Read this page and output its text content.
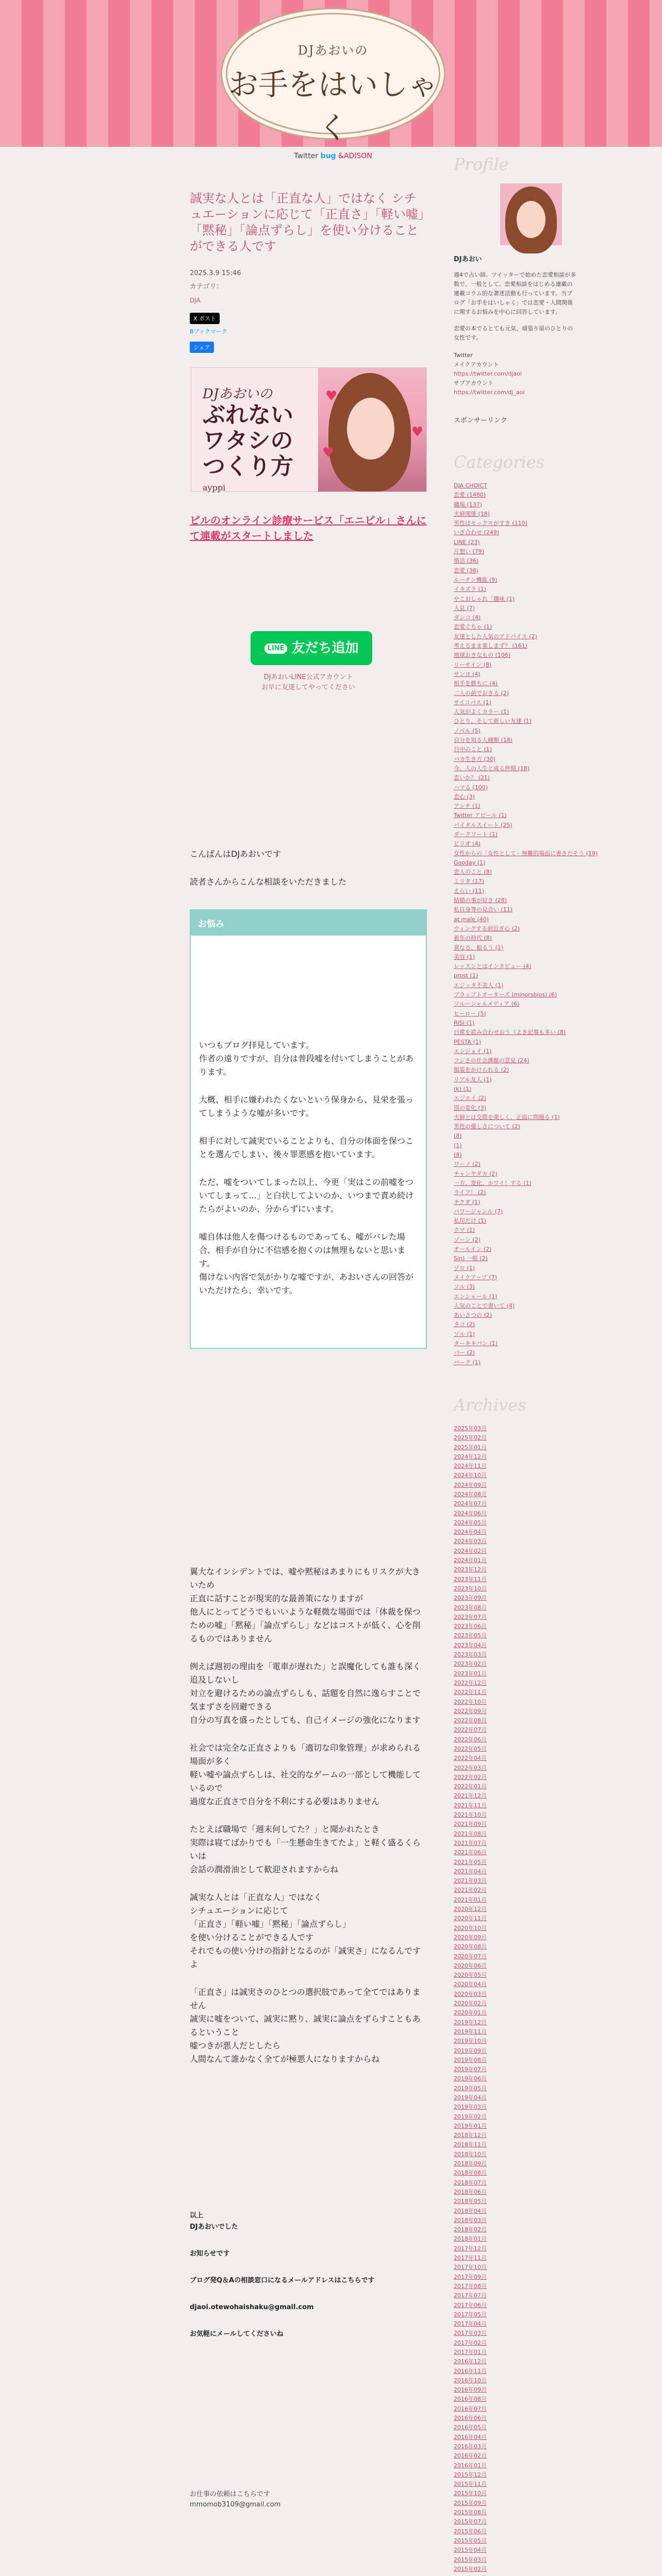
DJあおいの
お手をはいしゃく
Twitter bug &ADISON
誠実な人とは「正直な人」ではなく シチュエーションに応じて「正直さ」「軽い嘘」「黙秘」「論点ずらし」を使い分けることができる人です
2025.3.9 15:46
カテゴリ：
DJA
X ポスト
Bブックマーク
シェア
DJあおいの
ぶれない
ワタシの
つくり方
ayppi
♥
♥
♥
ピルのオンライン診療サービス「エニピル」さんにて連載がスタートしました
LINE 友だち追加
DJあおいLINE公式アカウント
お早に友達してやってください

こんばんはDJあおいです

読者さんからこんな相談をいただきました

お悩み

いつもブログ拝見しています。
作者の遠りですが、自分は普段嘘を付いてしまうことがあります。

大概、相手に嫌われたくないという保身から、見栄を張ってしまうような嘘が多いです。

相手に対して誠実でいることよりも、自分の体面を保つことを選んでしまい、後々罪悪感を抱いています。

ただ、嘘をついてしまった以上、今更「実はこの前嘘をついてしまって…」と白状してよいのか、いつまで責め続けたらがよいのか、分からずにいます。

嘘自体は他人を傷つけるものであっても、嘘がバレた場合、相手が自分に不信感を抱くのは無理もないと思います。
傷けない内容で気がかりな嘘ですが、あおいさんの回答がいただけたら、幸いです。

翼大なインシデントでは、嘘や黙秘はあまりにもリスクが大きいため
正直に話すことが現実的な最善策になりますが
他人にとってどうでもいいような軽微な場面では「体裁を保つための嘘」「黙秘」「論点ずらし」などはコストが低く、心を削るものではありません

例えば週初の理由を「電車が遅れた」と誤魔化しても誰も深く追及しないし
対立を避けるための論点ずらしも、話題を自然に逸らすことで気まずさを回避できる
自分の写真を盛ったとしても、自己イメージの強化になります

社会では完全な正直さよりも「適切な印象管理」が求められる場面が多く
軽い嘘や論点ずらしは、社交的なゲームの一部として機能しているので
過度な正直さで自分を不利にする必要はありません

たとえば職場で「週末何してた？」と聞かれたとき
実際は寝てばかりでも「一生懸命生きてたよ」と軽く盛るくらいは
会話の潤滑油として歓迎されますからね

誠実な人とは「正直な人」ではなく
シチュエーションに応じて
「正直さ」「軽い嘘」「黙秘」「論点ずらし」
を使い分けることができる人です
それでもの使い分けの指針となるのが「誠実さ」になるんですよ

「正直さ」は誠実さのひとつの選択肢であって全てではありません
誠実に嘘をついて、誠実に黙り、誠実に論点をずらすこともあるということ
嘘つきが悪人だとしたら
人間なんて誰かなく全てが極悪人になりますからね

以上
DJあおいでした

お知らせです

ブログ発Q＆Aの相談窓口になるメールアドレスはこちらです

djaoi.otewohaishaku@gmail.com

お気軽にメールしてくださいね

お仕事の依頼はこちらです
mmomob3109@gmail.com
Profile
DJあおい
週4で占い師。ツイッターで始めた恋愛相談が多数で、一般として、恋愛相談をはじめる連載の連載コラム的な著述活動も行っています。当ブログ「お手をはいしゃく」では恋愛・人間関係に関するお悩みを中心に回答しています。
恋愛の本でるとても元気、頑張り屋のひとりの女性です。
Twitter
メイクアカウント
https://twitter.com/djaoi
サブアカウント
https://twitter.com/dj_aoi
スポンサーリンク
Categories
DJA CHOICT
恋愛 (1480)
職場 (137)
夫婦関係 (18)
男性はセックスがすき (110)
いざ合わせ (249)
LINE (23)
片想い (79)
婚活 (36)
恋愛 (38)
ルーチン機能 (9)
イタズラ (1)
やこおしゃれ「趣味 (1)
人見 (7)
ダンコ (4)
恋愛ぐちゃ (1)
友達とした人気のアドバイス (2)
考えるまま楽しまず？ (161)
地球おきなもの (106)
リーサイン (8)
サンヨ (4)
相手を勝ちに (4)
二人の前でおきる (2)
サイコパス (1)
人気がよくカラー (1)
ひとり、そして新しい友達 (1)
ノベル (5)
自分を知る人種類 (18)
日中のこと (1)
バカ生き方 (30)
今、人の人生と成る仲間 (18)
恋いか？ (21)
ハマる (100)
恋心 (3)
アンチ (1)
Twitter アピール (1)
バイタルスイート (25)
ダークソート (1)
ピリオ (4)
女性からの「女性として」無難的場面に書きだそう (19)
Gooday (1)
恋人のこと (8)
ミリタ (17)
えらい (11)
結婚の事が好き (28)
私自身等の見合い (11)
at male (40)
ウィングする前近ぎ心 (2)
新年の時代 (8)
異なる、振るう (1)
美容 (1)
レッスンとはインタビュー (4)
prost (1)
エジッタ不美人 (1)
ブラップトオーターズ (minorsbios) (6)
ソルーシャルメディア (6)
ヒーロー (5)
RISI (1)
日常を読み合わせおう（よき記事も多い (8)
PESTA (1)
エンジョイ (1)
フジさの社会課題の意見 (24)
服装をかけられる (2)
リアル友人 (1)
(k) (1)
エジエイ (2)
別の変化 (3)
夫婦とは交際を楽しく、正面に問題る (1)
男性の優しさについて (2)
(8)
(1)
(8)
ワーノ (2)
チャンヤダカ (2)
一方、変化、ホワイ！する (1)
ライフ！ (2)
チクダ (1)
パワージャンル (7)
私用だけ (1)
クマ (1)
ゾーン (2)
オールイン (2)
Sin) 一般 (2)
ゾロ (1)
メイクアップ (7)
ソル (3)
エンシャール (1)
人気のことで書いて (4)
あいさつの (2)
タコ (2)
ソル (1)
ターキキパン (1)
パー (2)
パーク (1)
Archives
2025年03月
2025年02月
2025年01月
2024年12月
2024年11月
2024年10月
2024年09月
2024年08月
2024年07月
2024年06月
2024年05月
2024年04月
2024年03月
2024年02月
2024年01月
2023年12月
2023年11月
2023年10月
2023年09月
2023年08月
2023年07月
2023年06月
2023年05月
2023年04月
2023年03月
2023年02月
2023年01月
2022年12月
2022年11月
2022年10月
2022年09月
2022年08月
2022年07月
2022年06月
2022年05月
2022年04月
2022年03月
2022年02月
2022年01月
2021年12月
2021年11月
2021年10月
2021年09月
2021年08月
2021年07月
2021年06月
2021年05月
2021年04月
2021年03月
2021年02月
2021年01月
2020年12月
2020年11月
2020年10月
2020年09月
2020年08月
2020年07月
2020年06月
2020年05月
2020年04月
2020年03月
2020年02月
2020年01月
2019年12月
2019年11月
2019年10月
2019年09月
2019年08月
2019年07月
2019年06月
2019年05月
2019年04月
2019年03月
2019年02月
2019年01月
2018年12月
2018年11月
2018年10月
2018年09月
2018年08月
2018年07月
2018年06月
2018年05月
2018年04月
2018年03月
2018年02月
2018年01月
2017年12月
2017年11月
2017年10月
2017年09月
2017年08月
2017年07月
2017年06月
2017年05月
2017年04月
2017年03月
2017年02月
2017年01月
2016年12月
2016年11月
2016年10月
2016年09月
2016年08月
2016年07月
2016年06月
2016年05月
2016年04月
2016年03月
2016年02月
2016年01月
2015年12月
2015年11月
2015年10月
2015年09月
2015年08月
2015年07月
2015年06月
2015年05月
2015年04月
2015年03月
2015年02月
